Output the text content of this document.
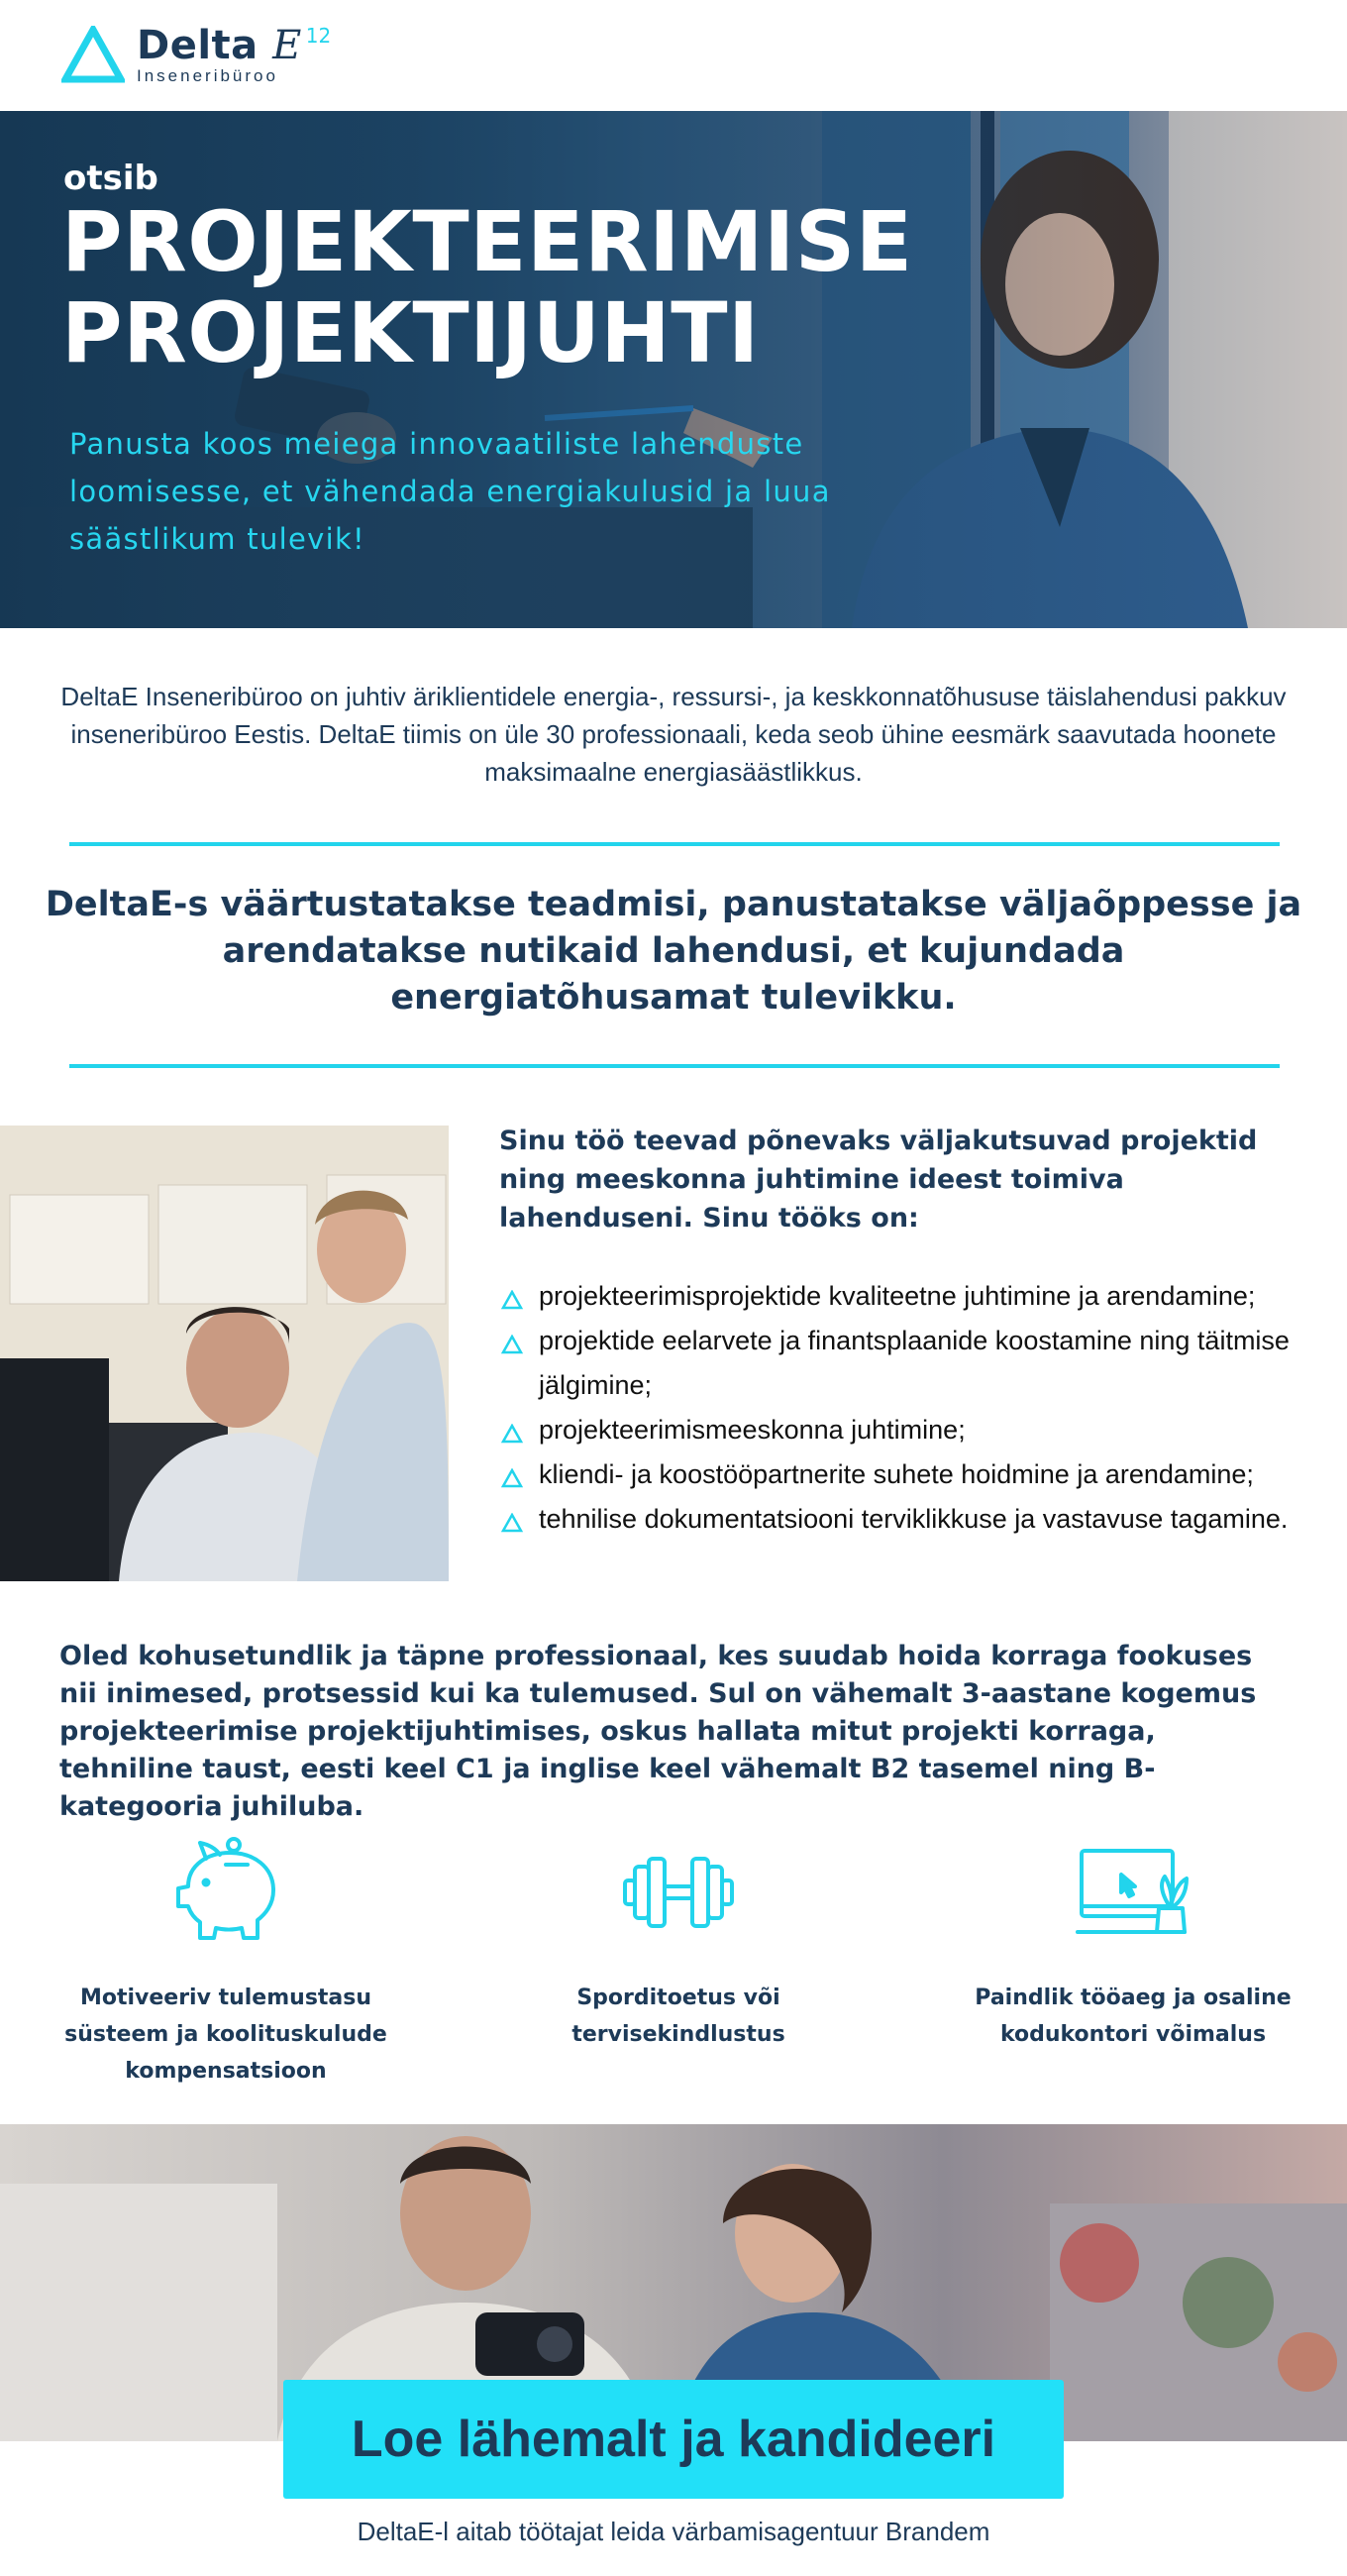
Delta E 12
Inseneribüroo
otsib
PROJEKTEERIMISE
PROJEKTIJUHTI
Panusta koos meiega innovaatiliste lahenduste loomisesse, et vähendada energiakulusid ja luua säästlikum tulevik!
DeltaE Inseneribüroo on juhtiv äriklientidele energia-, ressursi-, ja keskkonnatõhususe täislahendusi pakkuv inseneribüroo Eestis. DeltaE tiimis on üle 30 professionaali, keda seob ühine eesmärk saavutada hoonete maksimaalne energiasäästlikkus.
DeltaE-s väärtustatakse teadmisi, panustatakse väljaõppesse ja arendatakse nutikaid lahendusi, et kujundada energiatõhusamat tulevikku.
Sinu töö teevad põnevaks väljakutsuvad projektid ning meeskonna juhtimine ideest toimiva lahenduseni. Sinu tööks on:
projekteerimisprojektide kvaliteetne juhtimine ja arendamine;
projektide eelarvete ja finantsplaanide koostamine ning täitmise jälgimine;
projekteerimismeeskonna juhtimine;
kliendi- ja koostööpartnerite suhete hoidmine ja arendamine;
tehnilise dokumentatsiooni terviklikkuse ja vastavuse tagamine.
Oled kohusetundlik ja täpne professionaal, kes suudab hoida korraga fookuses nii inimesed, protsessid kui ka tulemused. Sul on vähemalt 3-aastane kogemus projekteerimise projektijuhtimises, oskus hallata mitut projekti korraga, tehniline taust, eesti keel C1 ja inglise keel vähemalt B2 tasemel ning B-kategooria juhiluba.
Motiveeriv tulemustasu süsteem ja koolituskulude kompensatsioon
Sporditoetus või tervisekindlustus
Paindlik tööaeg ja osaline kodukontori võimalus
Loe lähemalt ja kandideeri
DeltaE-l aitab töötajat leida värbamisagentuur Brandem
